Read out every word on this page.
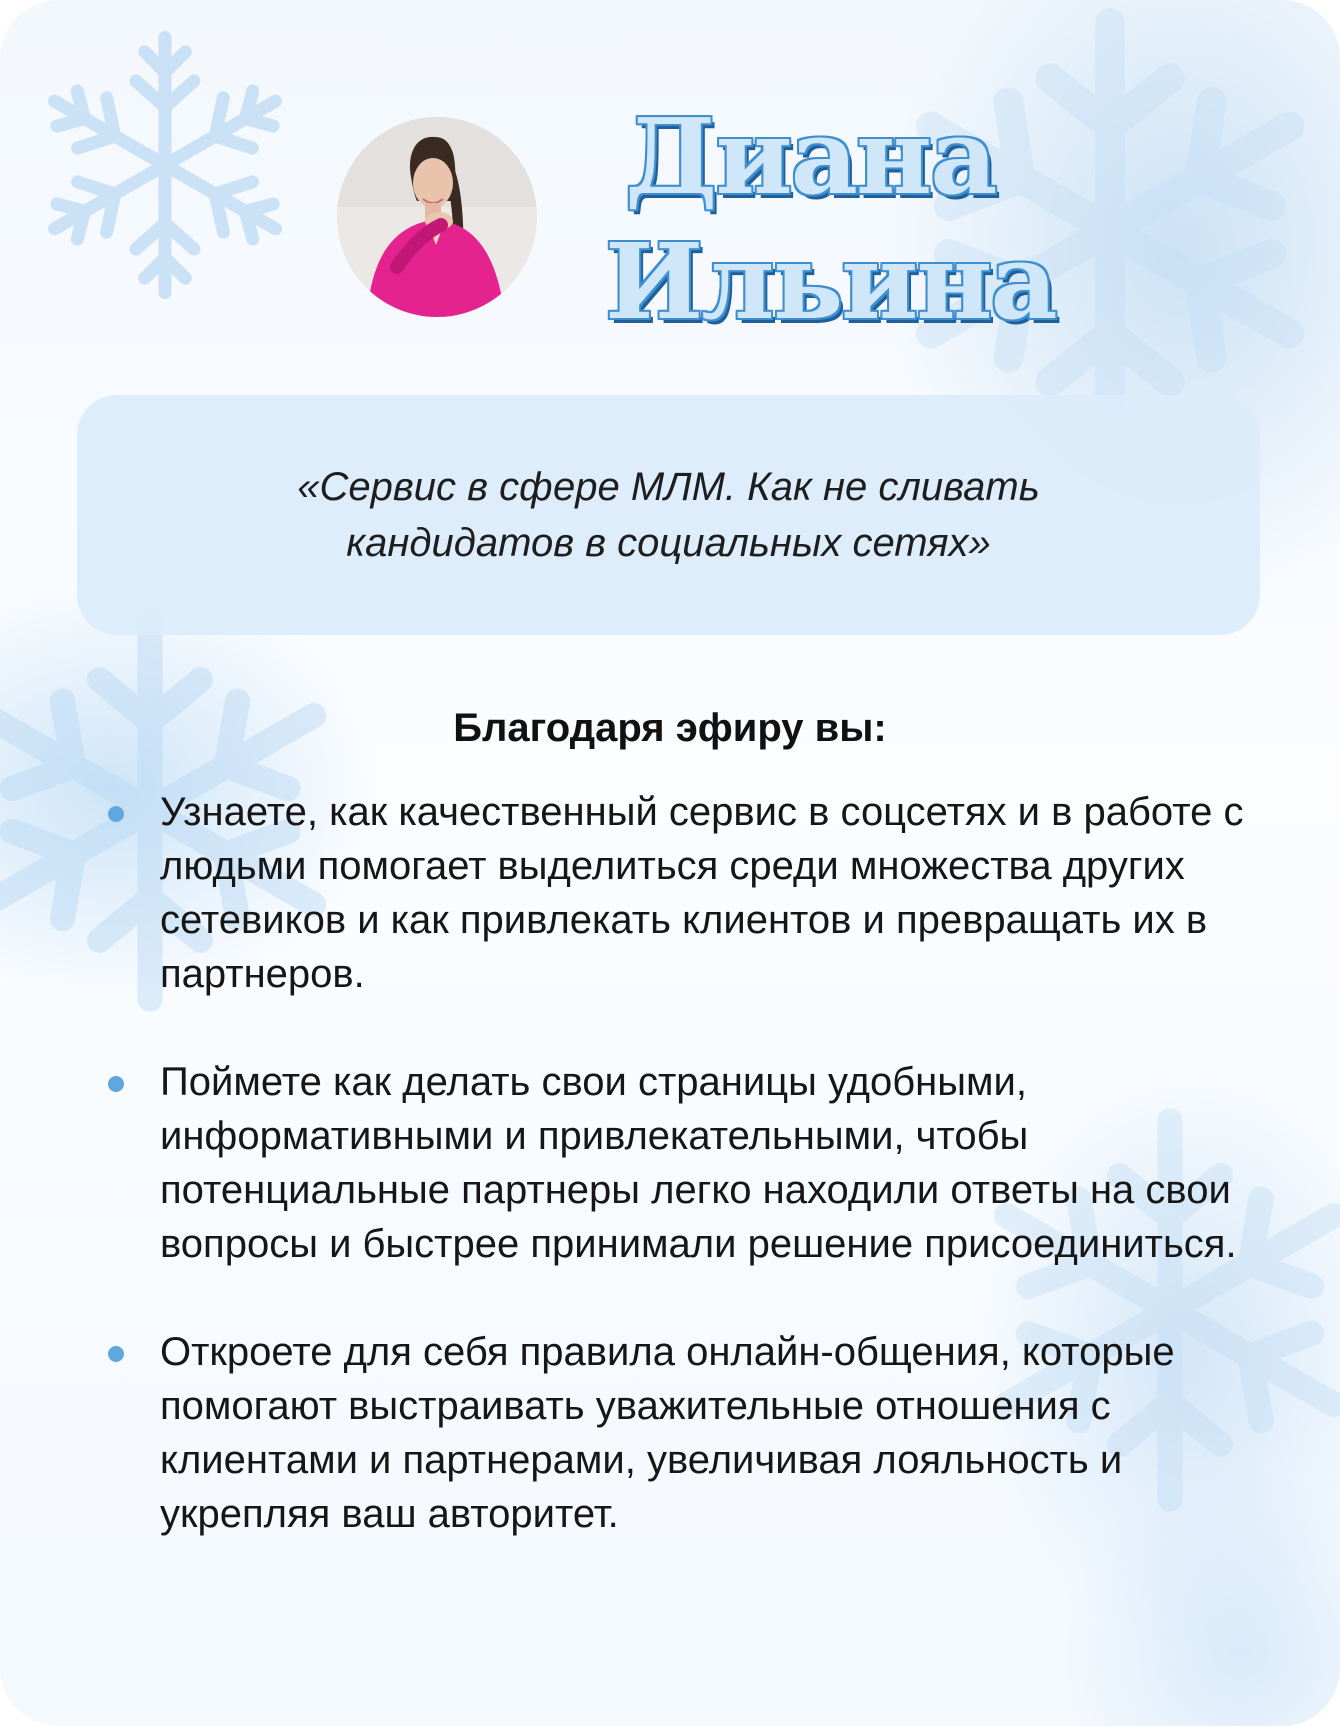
Диана
Ильина
«Сервис в сфере МЛМ. Как не сливать кандидатов в социальных сетях»
Благодаря эфиру вы:
Узнаете, как качественный сервис в соцсетях и в работе с людьми помогает выделиться среди множества других сетевиков и как привлекать клиентов и превращать их в партнеров.
Поймете как делать свои страницы удобными, информативными и привлекательными, чтобы потенциальные партнеры легко находили ответы на свои вопросы и быстрее принимали решение присоединиться.
Откроете для себя правила онлайн-общения, которые помогают выстраивать уважительные отношения с клиентами и партнерами, увеличивая лояльность и укрепляя ваш авторитет.
